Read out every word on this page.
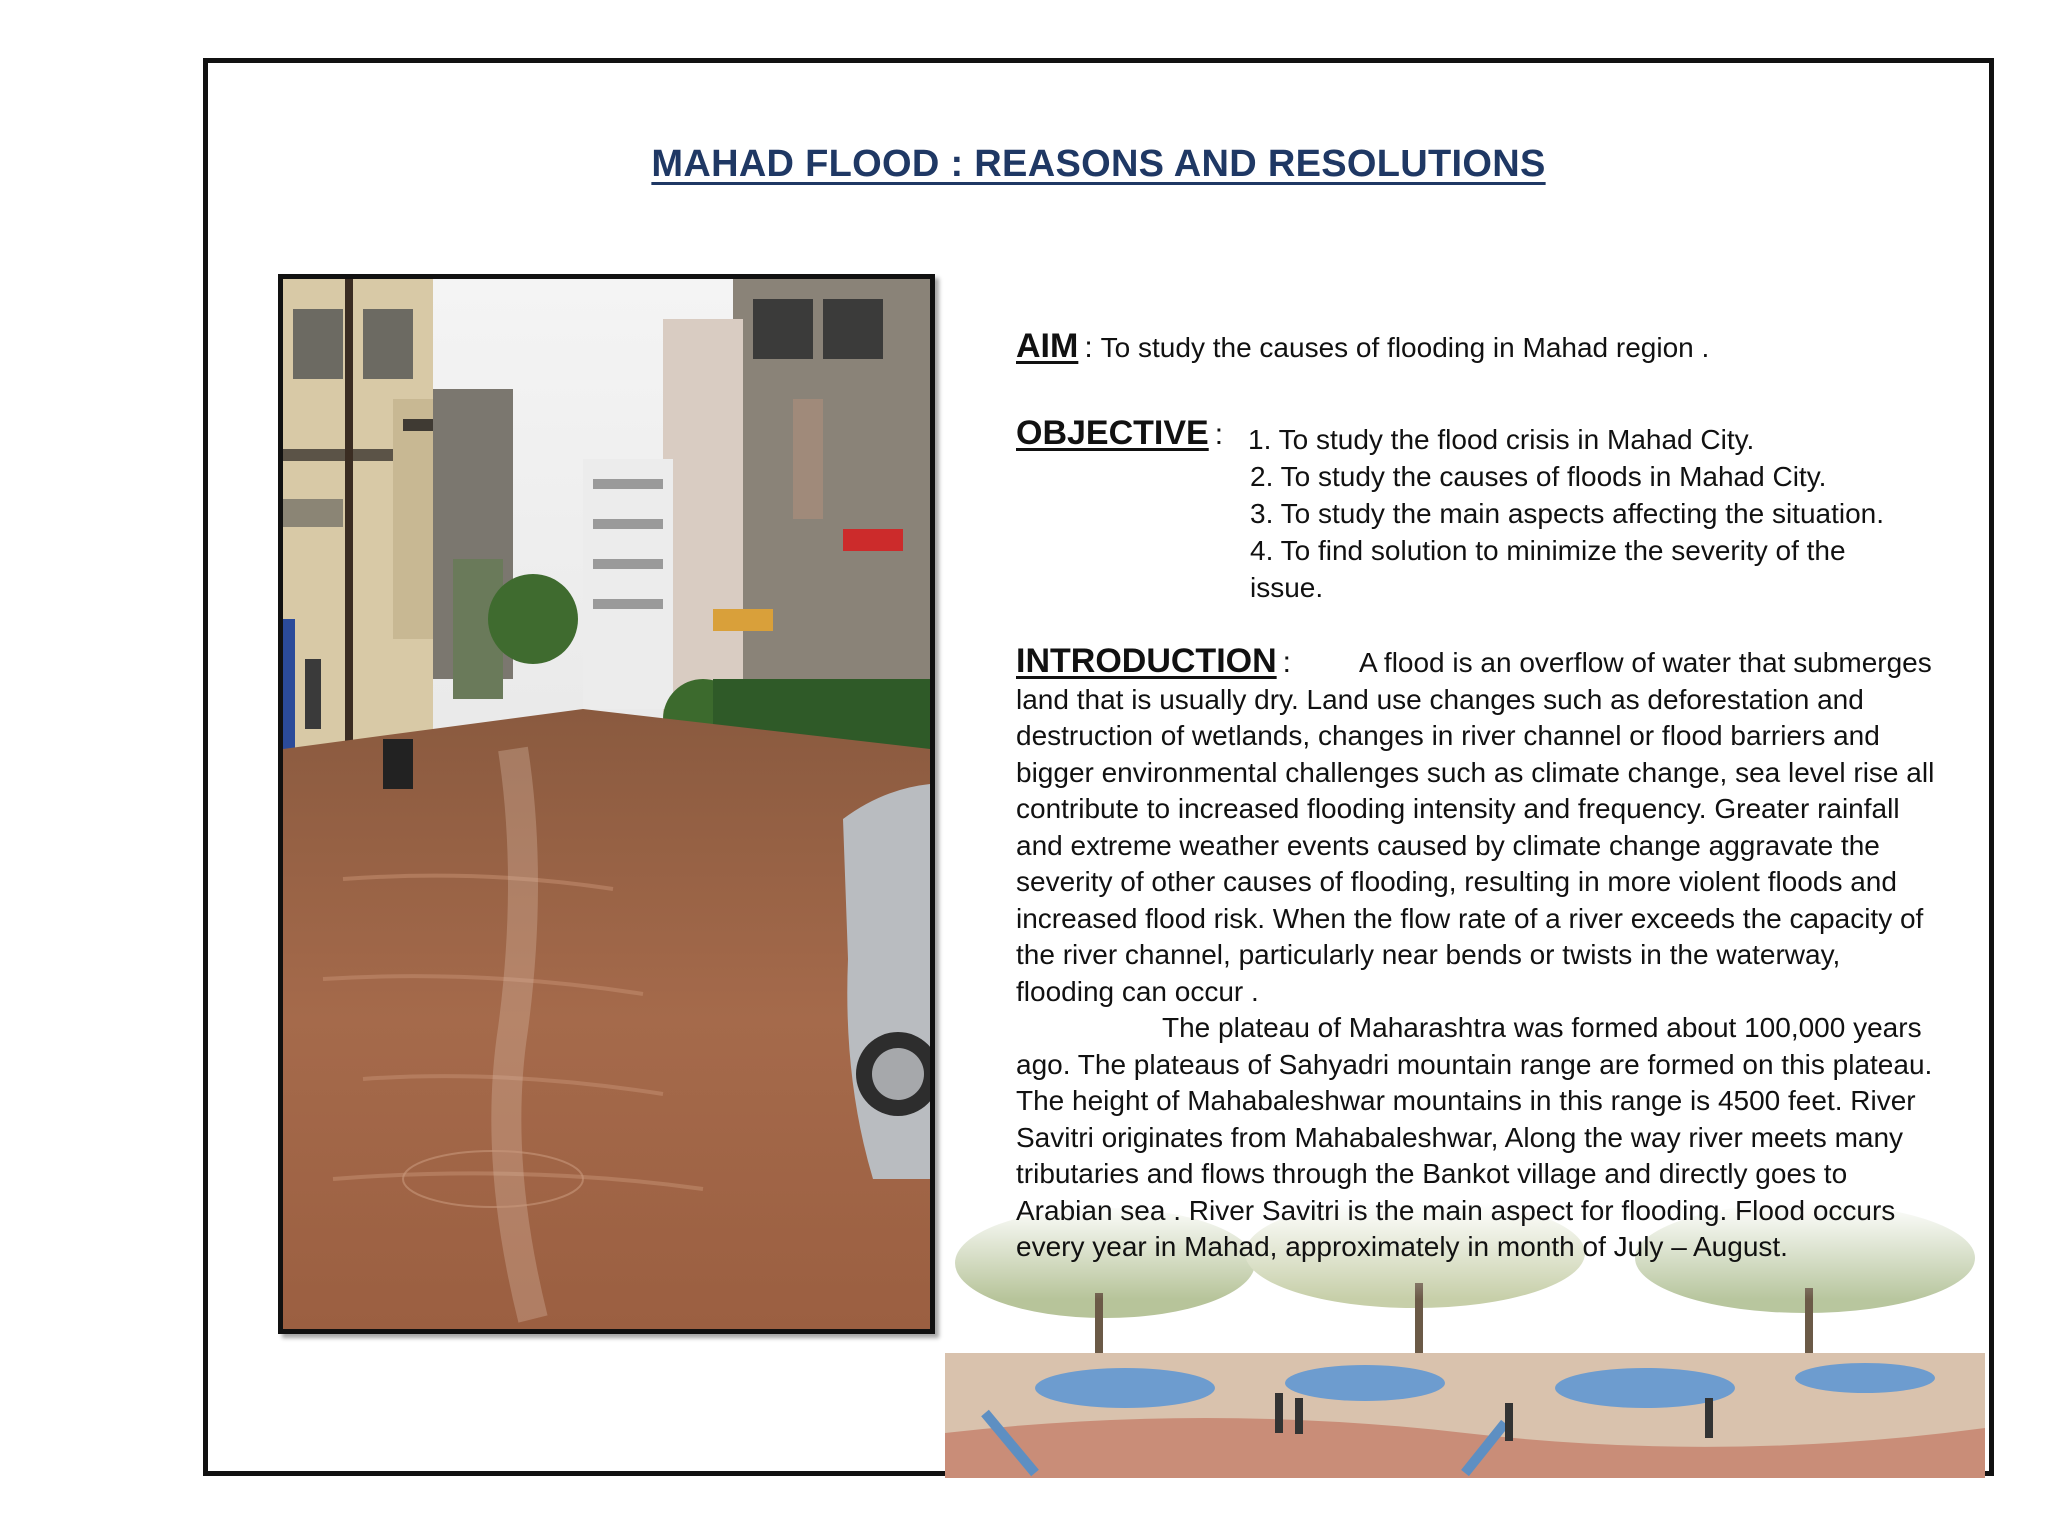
MAHAD FLOOD : REASONS AND RESOLUTIONS
AIM : To study the causes of flooding in Mahad region .
OBJECTIVE : 1. To study the flood crisis in Mahad City.
2. To study the causes of floods in Mahad City.
3. To study the main aspects affecting the situation.
4. To find solution to minimize the severity of the
issue.

INTRODUCTION : A flood is an overflow of water that submerges land that is usually dry. Land use changes such as deforestation and destruction of wetlands, changes in river channel or flood barriers and bigger environmental challenges such as climate change, sea level rise all contribute to increased flooding intensity and frequency. Greater rainfall and extreme weather events caused by climate change aggravate the severity of other causes of flooding, resulting in more violent floods and increased flood risk. When the flow rate of a river exceeds the capacity of the river channel, particularly near bends or twists in the waterway, flooding can occur .

The plateau of Maharashtra was formed about 100,000 years ago. The plateaus of Sahyadri mountain range are formed on this plateau. The height of Mahabaleshwar mountains in this range is 4500 feet. River Savitri originates from Mahabaleshwar, Along the way river meets many tributaries and flows through the Bankot village and directly goes to Arabian sea . River Savitri is the main aspect for flooding. Flood occurs every year in Mahad, approximately in month of July – August.
